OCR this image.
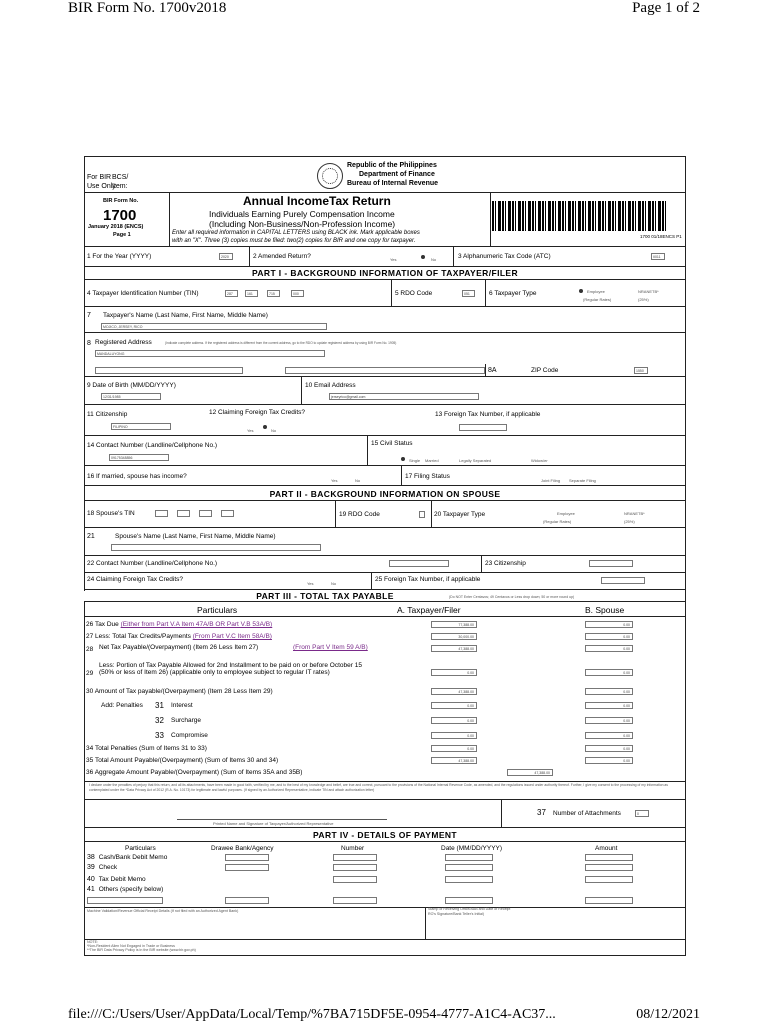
BIR Form No. 1700v2018	Page 1 of 2
file:///C:/Users/User/AppData/Local/Temp/%7BA715DF5E-0954-4777-A1C4-AC37...	08/12/2021
For BIR
Use Only
BCS/
Item:
Republic of the Philippines
Department of Finance
Bureau of Internal Revenue
BIR Form No.
1700
January 2018 (ENCS)
Page 1
Annual IncomeTax Return
Individuals Earning Purely Compensation Income
(Including Non-Business/Non-Profession Income)
Enter all required information in CAPITAL LETTERS using BLACK ink. Mark applicable boxes
with an "X". Three (3) copies must be filed: two(2) copies for BIR and one copy for taxpayer.
1700 01/18ENCS P1
1 For the Year (YYYY)	2020	2 Amended Return?	Yes	No	3 Alphanumeric Tax Code (ATC)	II011
PART I - BACKGROUND INFORMATION OF TAXPAYER/FILER
4 Taxpayer Identification Number (TIN)	287	161	715	000	5 RDO Code	051	6 Taxpayer Type	Employee
(Regular Rates)
NRANETB*
(25%)
7 Taxpayer's Name (Last Name, First Name, Middle Name)
MOJICO, JERSEY, RICO
8 Registered Address	(Indicate complete address. If the registered address is different from the current address, go to the RDO to update registered address by using BIR Form No. 1905)
MANDALUYONG
8A	ZIP Code	1550
9 Date of Birth (MM/DD/YYYY)
12/31/1985
10 Email Address
jerseyrico@gmail.com
11 Citizenship
FILIPINO
12 Claiming Foreign Tax Credits?
Yes	No
13 Foreign Tax Number, if applicable
14 Contact Number (Landline/Cellphone No.)
09175348856
15 Civil Status
Single Married	Legally Separated	Widow/er
16 If married, spouse has income?
Yes	No
17 Filing Status
Joint Filing Separate Filing
PART II - BACKGROUND INFORMATION ON SPOUSE
18 Spouse's TIN	19 RDO Code	20 Taxpayer Type	Employee
(Regular Rates)
NRANETB*
(25%)
21	Spouse's Name (Last Name, First Name, Middle Name)
22 Contact Number (Landline/Cellphone No.)	23 Citizenship
24 Claiming Foreign Tax Credits?
Yes	No
25 Foreign Tax Number, if applicable
PART III - TOTAL TAX PAYABLE	(Do NOT Enter Centavos; 49 Centavos or Less drop down; 50 or more round up)
Particulars	A. Taxpayer/Filer	B. Spouse
26 Tax Due (Either from Part V.A Item 47A/B OR Part V.B 53A/B)	77,388.00	0.00
27 Less: Total Tax Credits/Payments (From Part V.C Item 58A/B)	30,000.00	0.00
28 Net Tax Payable/(Overpayment) (Item 26 Less Item 27)	(From Part V Item 59 A/B)	47,388.00	0.00
29
Less: Portion of Tax Payable Allowed for 2nd Installment to be paid on or before October 15 (50% or less of Item 26) (applicable only to employee subject to regular IT rates)	0.00	0.00
30 Amount of Tax payable/(Overpayment) (Item 28 Less Item 29)	47,388.00	0.00
Add: Penalties 31 Interest	0.00	0.00
32 Surcharge	0.00	0.00
33 Compromise	0.00	0.00
34 Total Penalties (Sum of Items 31 to 33)	0.00	0.00
35 Total Amount Payable/(Overpayment) (Sum of Items 30 and 34)	47,388.00	0.00
36 Aggregate Amount Payable/(Overpayment) (Sum of Items 35A and 35B)	47,388.00
I declare under the penalties of perjury that this return, and all its attachments, have been made in good faith, verified by me, and to the best of my knowledge and belief, are true and correct, pursuant to the provisions of the National Internal Revenue Code, as amended, and the regulations issued under authority thereof. Further, I give my consent to the processing of my information as contemplated under the *Data Privacy Act of 2012 (R.A. No. 10173) for legitimate and lawful purposes. (If signed by an Authorized Representative, indicate TIN and attach authorization letter)
Printed Name and Signature of Taxpayer/Authorized Representative
37 Number of Attachments	0
PART IV - DETAILS OF PAYMENT
Particulars	Drawee Bank/Agency	Number	Date (MM/DD/YYYY)	Amount
38 Cash/Bank Debit Memo
39 Check
40 Tax Debit Memo
41 Others (specify below)
Machine Validation/Revenue Official Receipt Details (If not filed with an Authorized Agent Bank)	Stamp of Receiving Office/AAB and Date of Receipt
RO's Signature/Bank Teller's Initial)
NOTE:
*Non-Resident Alien Not Engaged in Trade or Business
**The BIR Data Privacy Policy is in the BIR website (www.bir.gov.ph)
